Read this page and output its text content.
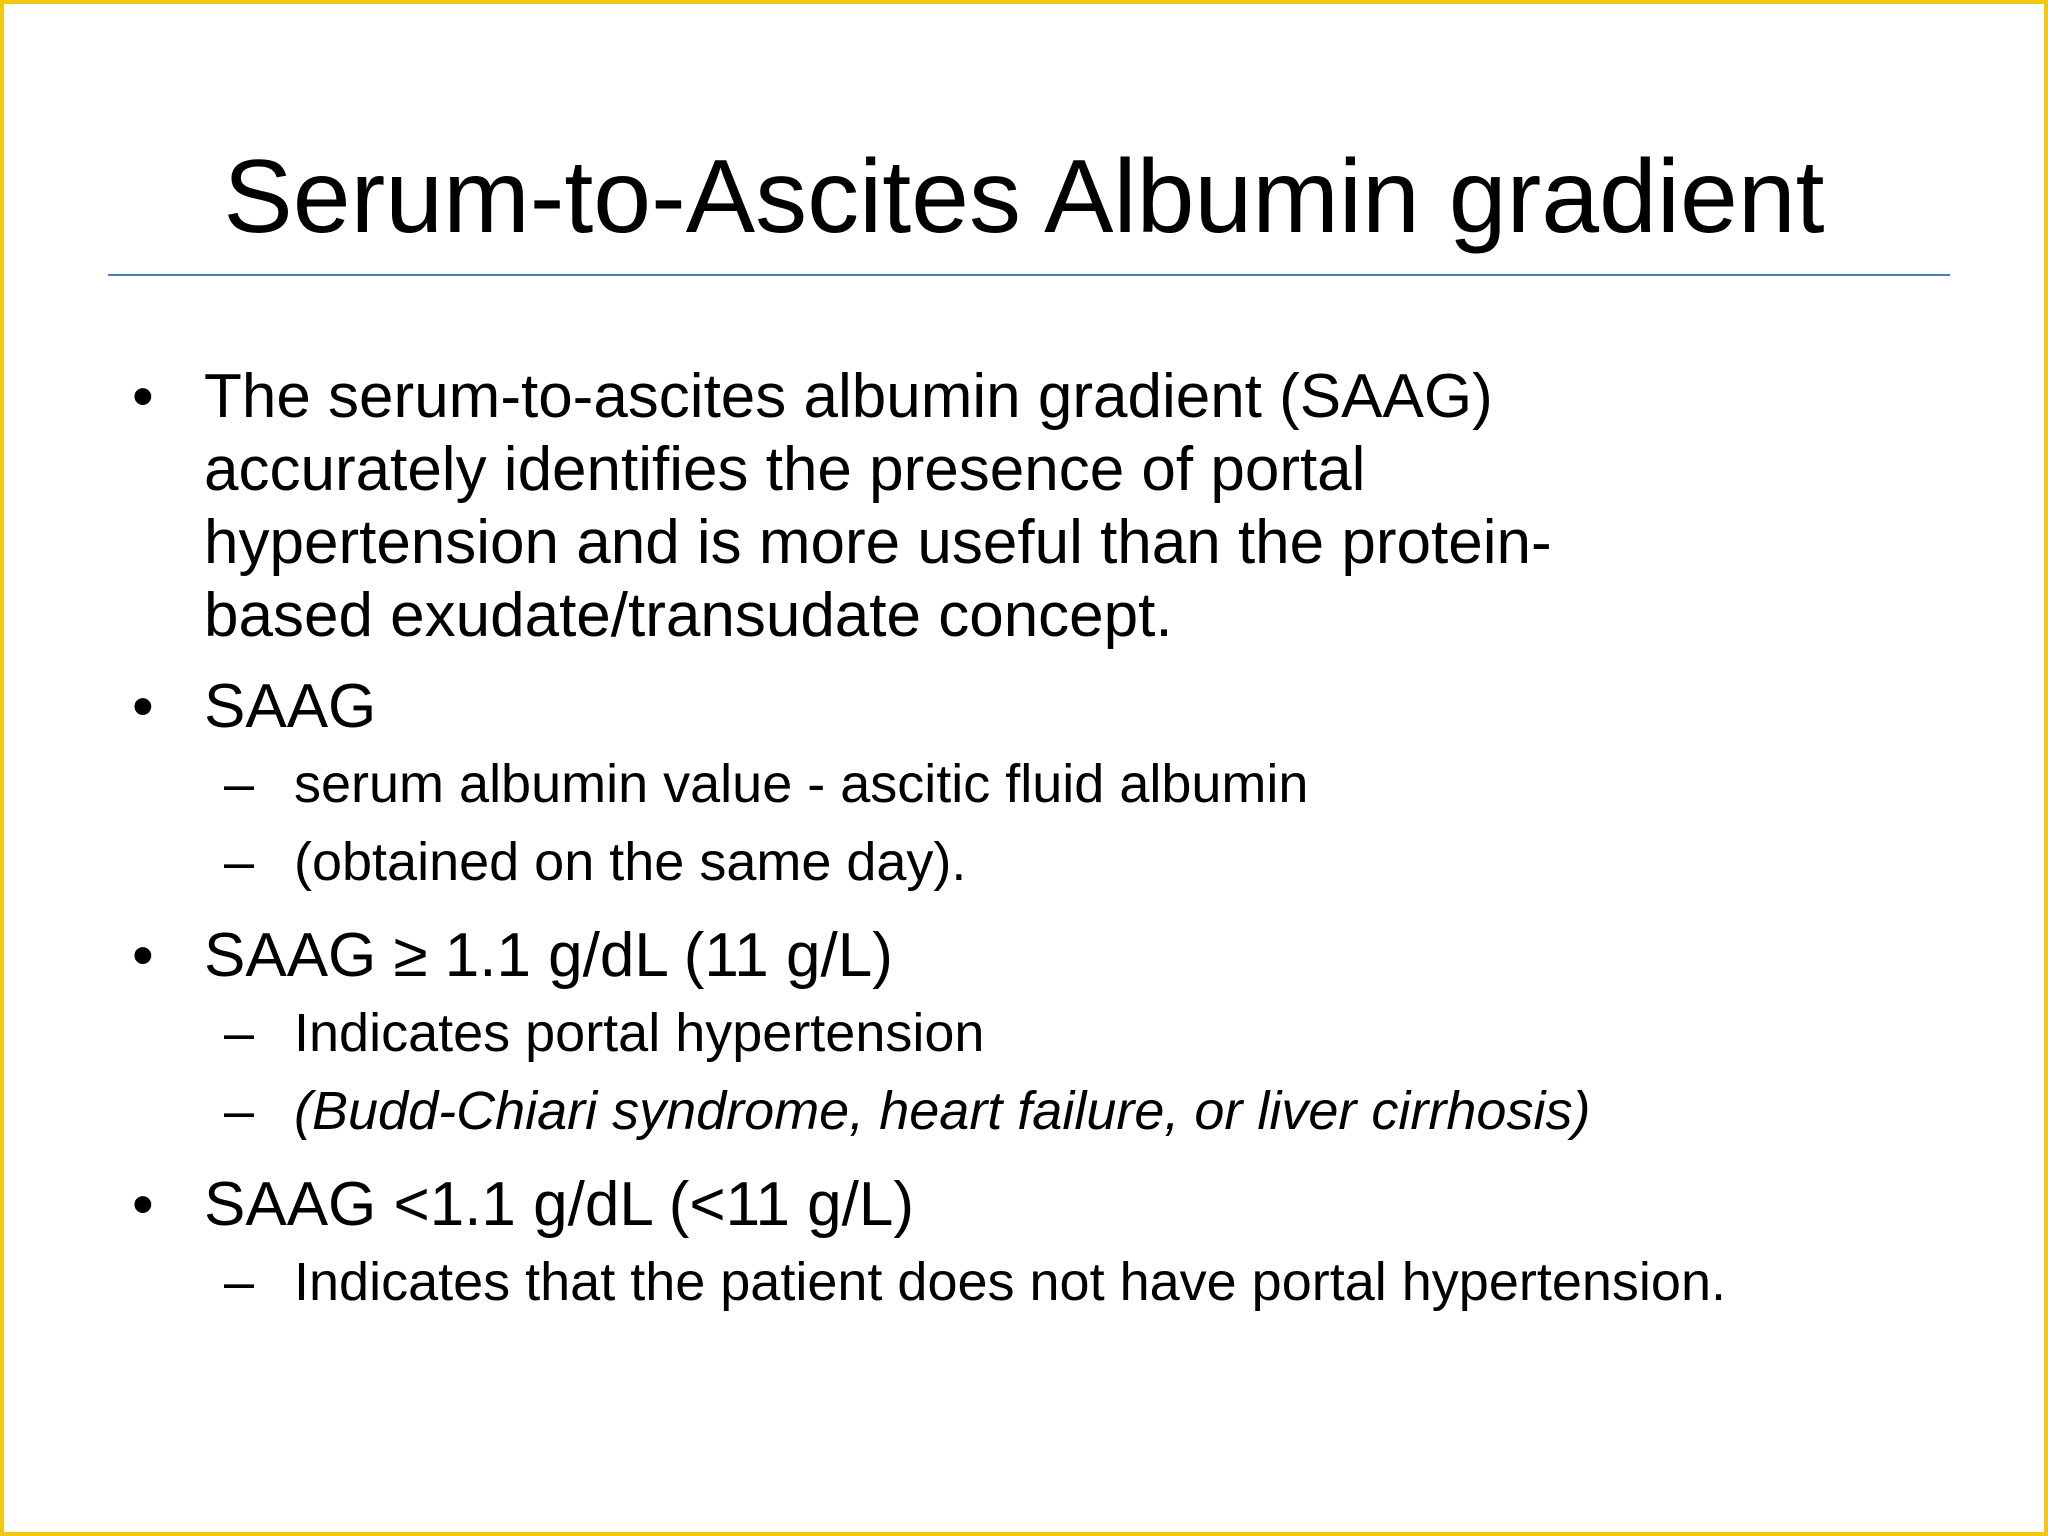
Serum-to-Ascites Albumin gradient
• The serum-to-ascites albumin gradient (SAAG)
accurately identifies the presence of portal
hypertension and is more useful than the protein-
based exudate/transudate concept.
• SAAG
– serum albumin value - ascitic fluid albumin
– (obtained on the same day).
• SAAG ≥ 1.1 g/dL (11 g/L)
– Indicates portal hypertension
– (Budd-Chiari syndrome, heart failure, or liver cirrhosis)
• SAAG <1.1 g/dL (<11 g/L)
– Indicates that the patient does not have portal hypertension.
